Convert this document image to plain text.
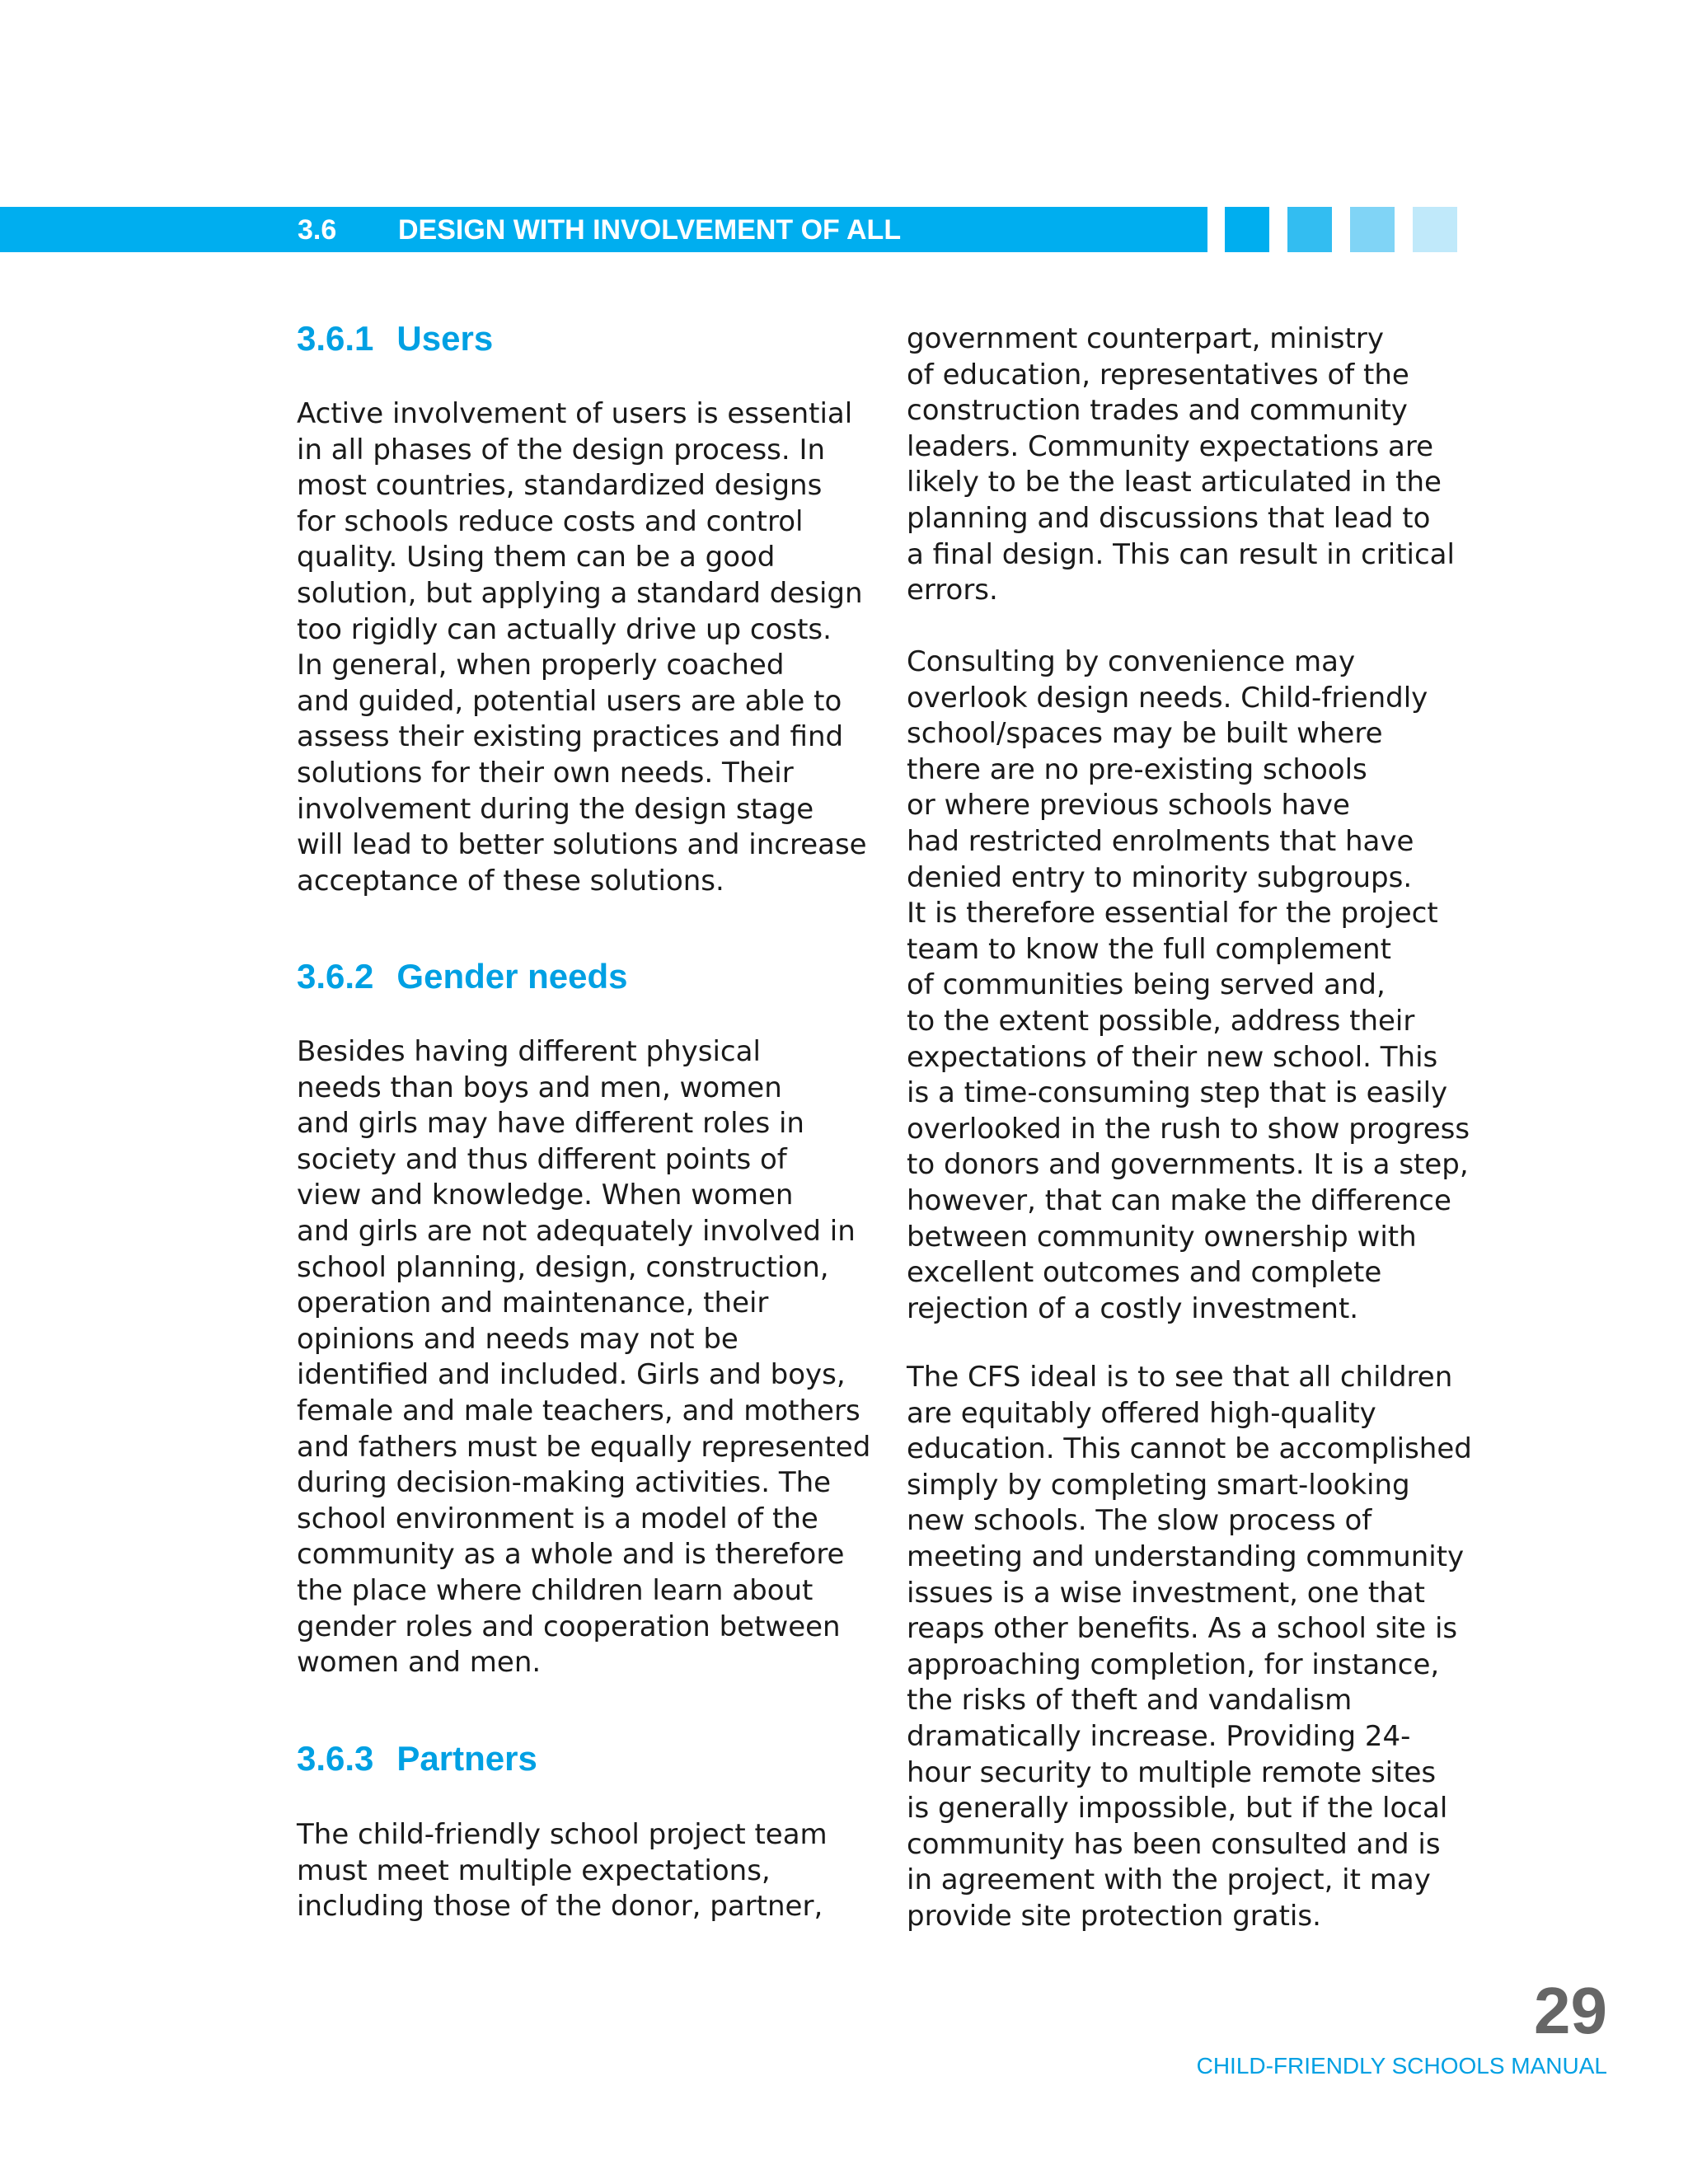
3.6 DESIGN WITH INVOLVEMENT OF ALL
3.6.1 Users

Active involvement of users is essential
in all phases of the design process. In
most countries, standardized designs
for schools reduce costs and control
quality. Using them can be a good
solution, but applying a standard design
too rigidly can actually drive up costs.
In general, when properly coached
and guided, potential users are able to
assess their existing practices and find
solutions for their own needs. Their
involvement during the design stage
will lead to better solutions and increase
acceptance of these solutions.

3.6.2 Gender needs

Besides having different physical
needs than boys and men, women
and girls may have different roles in
society and thus different points of
view and knowledge. When women
and girls are not adequately involved in
school planning, design, construction,
operation and maintenance, their
opinions and needs may not be
identified and included. Girls and boys,
female and male teachers, and mothers
and fathers must be equally represented
during decision-making activities. The
school environment is a model of the
community as a whole and is therefore
the place where children learn about
gender roles and cooperation between
women and men.

3.6.3 Partners

The child-friendly school project team
must meet multiple expectations,
including those of the donor, partner,

government counterpart, ministry
of education, representatives of the
construction trades and community
leaders. Community expectations are
likely to be the least articulated in the
planning and discussions that lead to
a final design. This can result in critical
errors.

Consulting by convenience may
overlook design needs. Child-friendly
school/spaces may be built where
there are no pre-existing schools
or where previous schools have
had restricted enrolments that have
denied entry to minority subgroups.
It is therefore essential for the project
team to know the full complement
of communities being served and,
to the extent possible, address their
expectations of their new school. This
is a time-consuming step that is easily
overlooked in the rush to show progress
to donors and governments. It is a step,
however, that can make the difference
between community ownership with
excellent outcomes and complete
rejection of a costly investment.

The CFS ideal is to see that all children
are equitably offered high-quality
education. This cannot be accomplished
simply by completing smart-looking
new schools. The slow process of
meeting and understanding community
issues is a wise investment, one that
reaps other benefits. As a school site is
approaching completion, for instance,
the risks of theft and vandalism
dramatically increase. Providing 24-
hour security to multiple remote sites
is generally impossible, but if the local
community has been consulted and is
in agreement with the project, it may
provide site protection gratis.

29
CHILD-FRIENDLY SCHOOLS MANUAL
